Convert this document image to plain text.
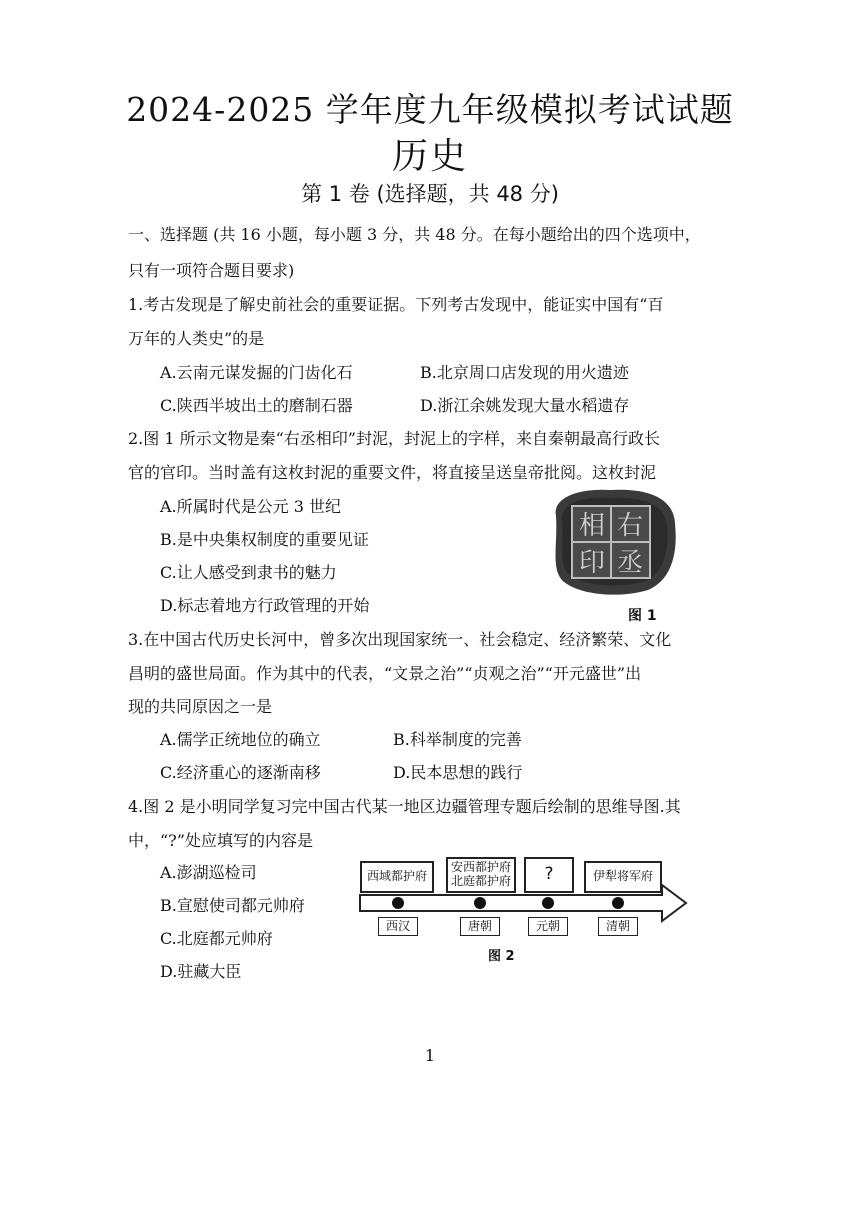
2024-2025 学年度九年级模拟考试试题
历史
第 1 卷 (选择题，共 48 分)
一、选择题 (共 16 小题，每小题 3 分，共 48 分。在每小题给出的四个选项中，
只有一项符合题目要求)
1.考古发现是了解史前社会的重要证据。下列考古发现中，能证实中国有“百
万年的人类史”的是
A.云南元谋发掘的门齿化石	B.北京周口店发现的用火遗迹
C.陕西半坡出土的磨制石器	D.浙江余姚发现大量水稻遗存
2.图 1 所示文物是秦“右丞相印”封泥，封泥上的字样，来自秦朝最高行政长
官的官印。当时盖有这枚封泥的重要文件，将直接呈送皇帝批阅。这枚封泥
A.所属时代是公元 3 世纪
B.是中央集权制度的重要见证
C.让人感受到隶书的魅力
D.标志着地方行政管理的开始
右
丞
相
印
图 1
3.在中国古代历史长河中，曾多次出现国家统一、社会稳定、经济繁荣、文化
昌明的盛世局面。作为其中的代表，“文景之治”“贞观之治”“开元盛世”出
现的共同原因之一是
A.儒学正统地位的确立	B.科举制度的完善
C.经济重心的逐渐南移	D.民本思想的践行
4.图 2 是小明同学复习完中国古代某一地区边疆管理专题后绘制的思维导图.其
中，“?”处应填写的内容是
A.澎湖巡检司
B.宣慰使司都元帅府
C.北庭都元帅府
D.驻藏大臣
西域都护府
安西都护府
北庭都护府 ?	伊犁将军府
西汉	唐朝	元朝	清朝
图 2
1
